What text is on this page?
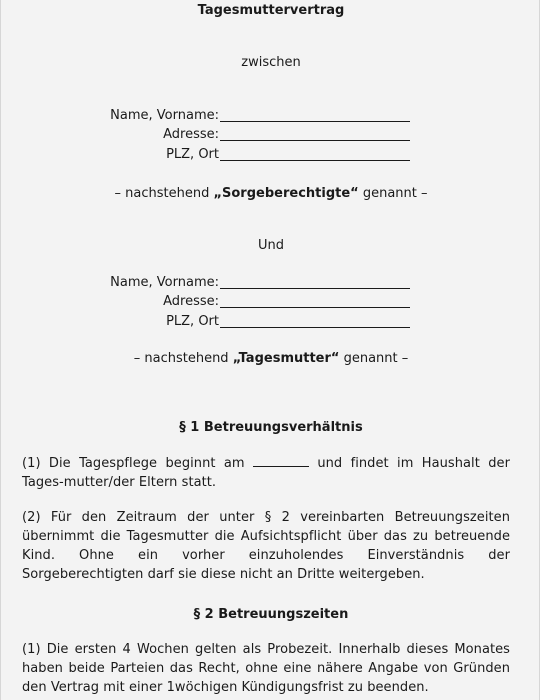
Tagesmuttervertrag
zwischen
Name, Vorname:
Adresse:
PLZ, Ort
– nachstehend „Sorgeberechtigte“ genannt –
Und
Name, Vorname:
Adresse:
PLZ, Ort
– nachstehend „Tagesmutter“ genannt –
§ 1 Betreuungsverhältnis
(1) Die Tagespflege beginnt am	und findet im Haushalt der Tages-mutter/der Eltern statt.
(2) Für den Zeitraum der unter § 2 vereinbarten Betreuungszeiten übernimmt die Tagesmutter die Aufsichtspflicht über das zu betreuende Kind. Ohne ein vorher einzuholendes Einverständnis der Sorgeberechtigten darf sie diese nicht an Dritte weitergeben.
§ 2 Betreuungszeiten
(1) Die ersten 4 Wochen gelten als Probezeit. Innerhalb dieses Monates haben beide Parteien das Recht, ohne eine nähere Angabe von Gründen den Vertrag mit einer 1wöchigen Kündigungsfrist zu beenden.
